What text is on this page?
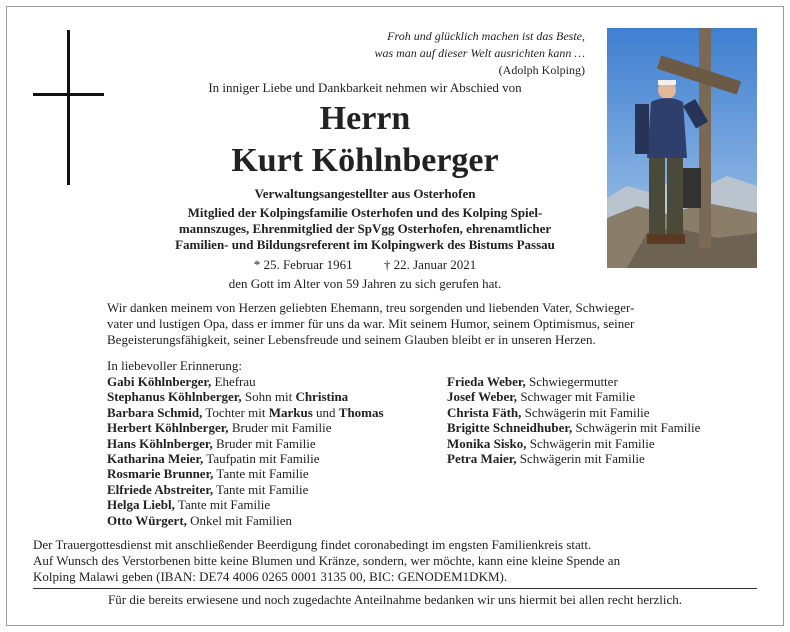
Froh und glücklich machen ist das Beste,
was man auf dieser Welt ausrichten kann …
(Adolph Kolping)
In inniger Liebe und Dankbarkeit nehmen wir Abschied von
Herrn
Kurt Köhlnberger
Verwaltungsangestellter aus Osterhofen
Mitglied der Kolpingsfamilie Osterhofen und des Kolping Spiel-
mannszuges, Ehrenmitglied der SpVgg Osterhofen, ehrenamtlicher
Familien- und Bildungsreferent im Kolpingwerk des Bistums Passau
* 25. Februar 1961 † 22. Januar 2021
den Gott im Alter von 59 Jahren zu sich gerufen hat.
Wir danken meinem von Herzen geliebten Ehemann, treu sorgenden und liebenden Vater, Schwieger-
vater und lustigen Opa, dass er immer für uns da war. Mit seinem Humor, seinem Optimismus, seiner
Begeisterungsfähigkeit, seiner Lebensfreude und seinem Glauben bleibt er in unseren Herzen.
In liebevoller Erinnerung:
Gabi Köhlnberger, Ehefrau
Stephanus Köhlnberger, Sohn mit Christina
Barbara Schmid, Tochter mit Markus und Thomas
Herbert Köhlnberger, Bruder mit Familie
Hans Köhlnberger, Bruder mit Familie
Katharina Meier, Taufpatin mit Familie
Rosmarie Brunner, Tante mit Familie
Elfriede Abstreiter, Tante mit Familie
Helga Liebl, Tante mit Familie
Otto Würgert, Onkel mit Familien
Frieda Weber, Schwiegermutter
Josef Weber, Schwager mit Familie
Christa Fäth, Schwägerin mit Familie
Brigitte Schneidhuber, Schwägerin mit Familie
Monika Sisko, Schwägerin mit Familie
Petra Maier, Schwägerin mit Familie
Der Trauergottesdienst mit anschließender Beerdigung findet coronabedingt im engsten Familienkreis statt.
Auf Wunsch des Verstorbenen bitte keine Blumen und Kränze, sondern, wer möchte, kann eine kleine Spende an
Kolping Malawi geben (IBAN: DE74 4006 0265 0001 3135 00, BIC: GENODEM1DKM).
Für die bereits erwiesene und noch zugedachte Anteilnahme bedanken wir uns hiermit bei allen recht herzlich.
